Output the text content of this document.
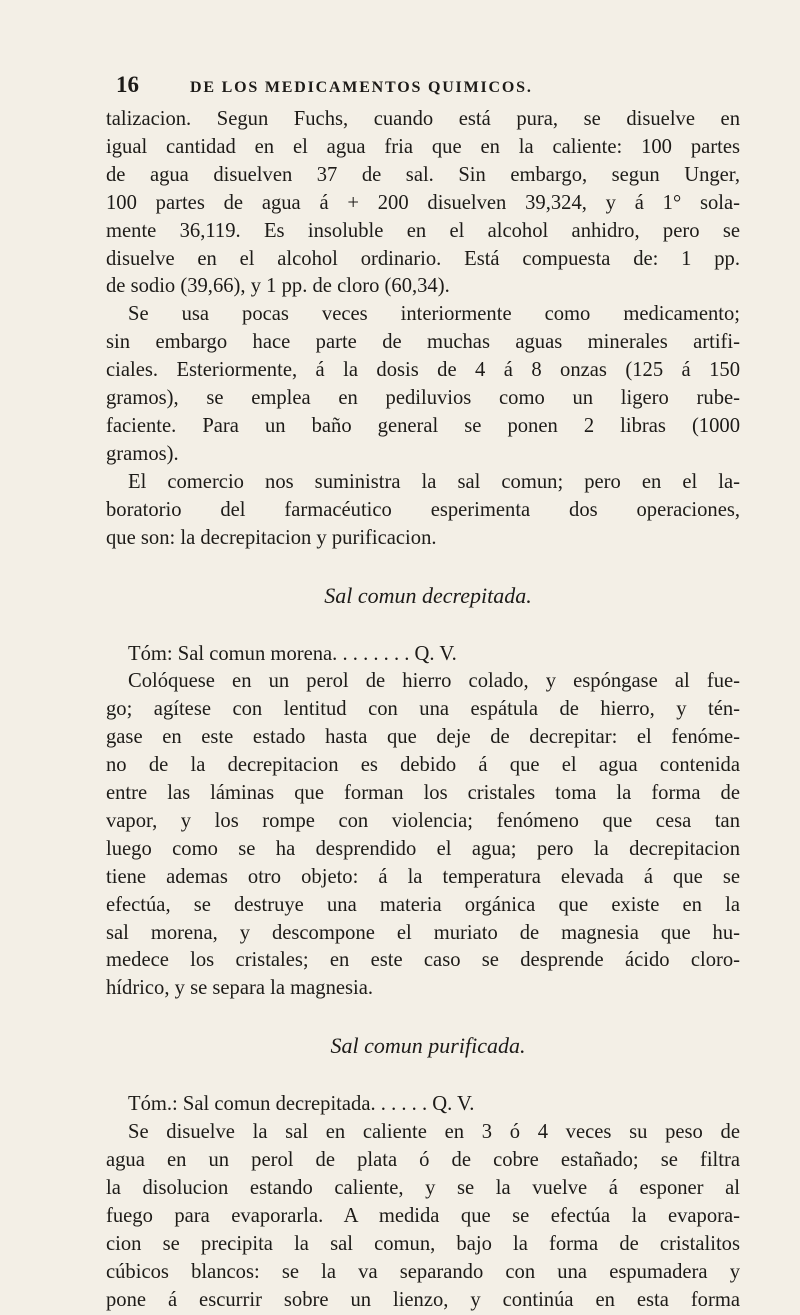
16	DE LOS MEDICAMENTOS QUIMICOS.
talizacion. Segun Fuchs, cuando está pura, se disuelve en
igual cantidad en el agua fria que en la caliente: 100 partes
de agua disuelven 37 de sal. Sin embargo, segun Unger,
100 partes de agua á + 200 disuelven 39,324, y á 1° sola-
mente 36,119. Es insoluble en el alcohol anhidro, pero se
disuelve en el alcohol ordinario. Está compuesta de: 1 pp.
de sodio (39,66), y 1 pp. de cloro (60,34).
Se usa pocas veces interiormente como medicamento;
sin embargo hace parte de muchas aguas minerales artifi-
ciales. Esteriormente, á la dosis de 4 á 8 onzas (125 á 150
gramos), se emplea en pediluvios como un ligero rube-
faciente. Para un baño general se ponen 2 libras (1000
gramos).
El comercio nos suministra la sal comun; pero en el la-
boratorio del farmacéutico esperimenta dos operaciones,
que son: la decrepitacion y purificacion.
Sal comun decrepitada.
Tóm: Sal comun morena. . . . . . . . Q. V.
Colóquese en un perol de hierro colado, y espóngase al fue-
go; agítese con lentitud con una espátula de hierro, y tén-
gase en este estado hasta que deje de decrepitar: el fenóme-
no de la decrepitacion es debido á que el agua contenida
entre las láminas que forman los cristales toma la forma de
vapor, y los rompe con violencia; fenómeno que cesa tan
luego como se ha desprendido el agua; pero la decrepitacion
tiene ademas otro objeto: á la temperatura elevada á que se
efectúa, se destruye una materia orgánica que existe en la
sal morena, y descompone el muriato de magnesia que hu-
medece los cristales; en este caso se desprende ácido cloro-
hídrico, y se separa la magnesia.
Sal comun purificada.
Tóm.: Sal comun decrepitada. . . . . . Q. V.
Se disuelve la sal en caliente en 3 ó 4 veces su peso de
agua en un perol de plata ó de cobre estañado; se filtra
la disolucion estando caliente, y se la vuelve á esponer al
fuego para evaporarla. A medida que se efectúa la evapora-
cion se precipita la sal comun, bajo la forma de cristalitos
cúbicos blancos: se la va separando con una espumadera y
pone á escurrir sobre un lienzo, y continúa en esta forma
